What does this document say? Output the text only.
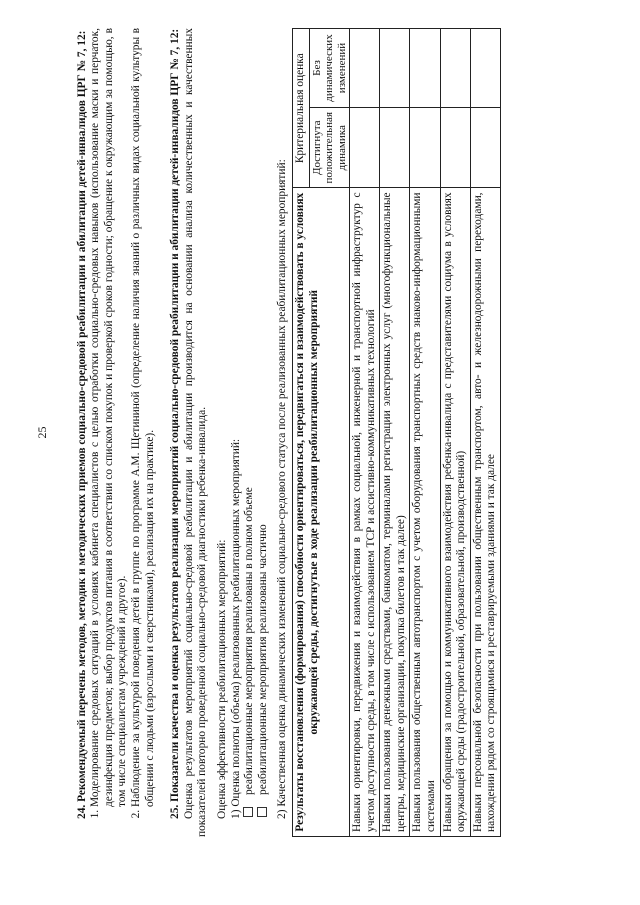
25 24. Рекомендуемый перечень методов, методик и методических приемов социально-средовой реабилитации и абилитации детей-инвалидов ЦРГ № 7, 12: 1. Моделирование средовых ситуаций в условиях кабинета специалистов с целью отработки социально-средовых навыков (использование маски и перчаток, дезинфекция предметов; выбор продуктов питания в соответствии со списком покупок и проверкой сроков годности; обращение к окружающим за помощью, в том числе специалистам учреждений и другое). 2. Наблюдение за культурой поведения детей в группе по программе А.М. Щетининой (определение наличия знаний о различных видах социальной культуры в общении с людьми (взрослыми и сверстниками), реализация их на практике). 25. Показатели качества и оценка результатов реализации мероприятий социально-средовой реабилитации и абилитации детей-инвалидов ЦРГ № 7, 12: Оценка результатов мероприятий социально-средовой реабилитации и абилитации производится на основании анализа количественных и качественных показателей повторно проведенной социально-средовой диагностики ребенка-инвалида. Оценка эффективности реабилитационных мероприятий: 1) Оценка полноты (объема) реализованных реабилитационных мероприятий: реабилитационные мероприятия реализованы в полном объеме реабилитационные мероприятия реализованы частично 2) Качественная оценка динамических изменений социально-средового статуса после реализованных реабилитационных мероприятий: Результаты восстановления (формирования) способности ориентироваться, передвигаться и взаимодействовать в условиях окружающей среды, достигнутые в ходе реализации реабилитационных мероприятий	Критериальная оценка	
	Достигнута положительная динамика	Без динамических изменений
Навыки ориентировки, передвижения и взаимодействия в рамках социальной, инженерной и транспортной инфраструктур с учетом доступности среды, в том числе с использованием ТСР и ассистивно-коммуникативных технологий		
Навыки пользования денежными средствами, банкоматом, терминалами регистрации электронных услуг (многофункциональные центры, медицинские организации, покупка билетов и так далее)		
Навыки пользования общественным автотранспортом с учетом оборудования транспортных средств знаково-информационными системами		
Навыки обращения за помощью и коммуникативного взаимодействия ребенка-инвалида с представителями социума в условиях окружающей среды (градостроительной, образовательной, производственной)		
Навыки персональной безопасности при пользовании общественным транспортом, авто- и железнодорожными переходами, нахождении рядом со строящимися и реставрируемыми зданиями и так далее		
